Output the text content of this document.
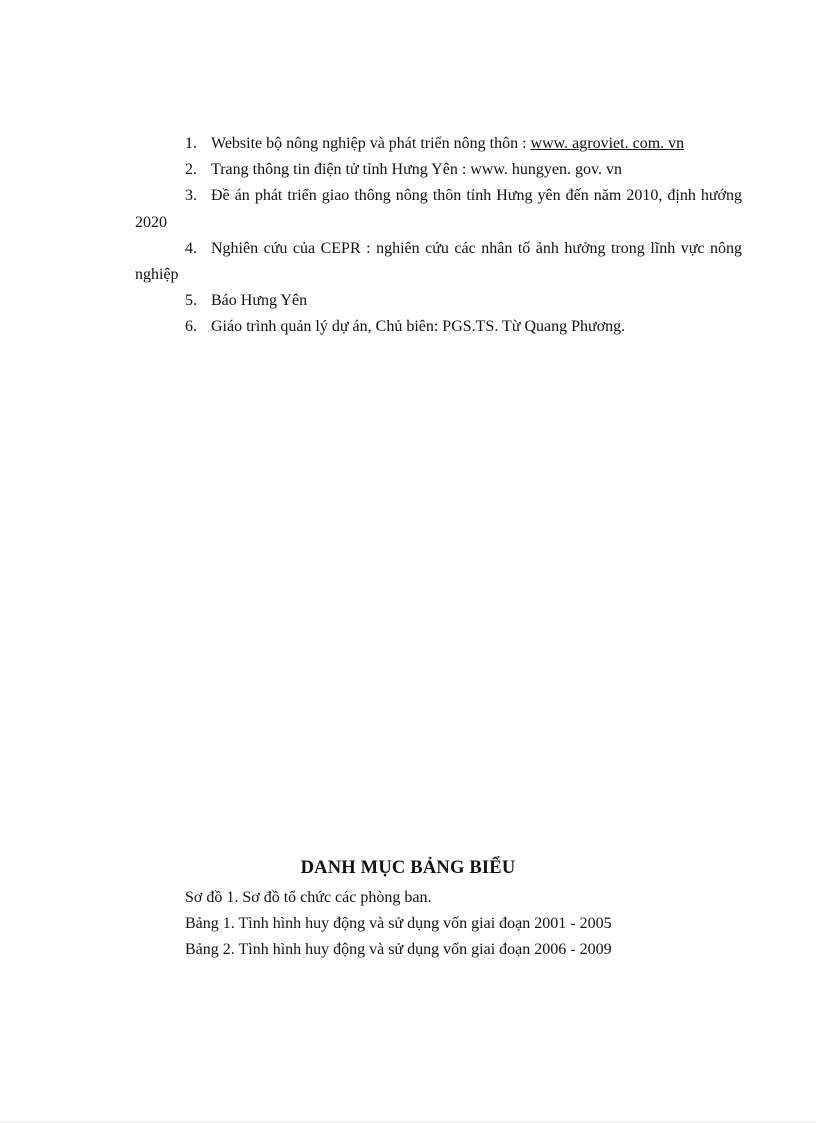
1. Website bộ nông nghiệp và phát triển nông thôn : www. agroviet. com. vn

2. Trang thông tin điện tử tỉnh Hưng Yên : www. hungyen. gov. vn

3. Đề án phát triển giao thông nông thôn tỉnh Hưng yên đến năm 2010, định hướng 2020

4. Nghiên cứu của CEPR : nghiên cứu các nhân tố ảnh hưởng trong lĩnh vực nông nghiệp

5. Báo Hưng Yên

6. Giáo trình quản lý dự án, Chủ biên: PGS.TS. Từ Quang Phương.

DANH MỤC BẢNG BIỂU

Sơ đồ 1. Sơ đồ tổ chức các phòng ban.

Bảng 1. Tình hình huy động và sử dụng vốn giai đoạn 2001 - 2005

Bảng 2. Tình hình huy động và sử dụng vốn giai đoạn 2006 - 2009
